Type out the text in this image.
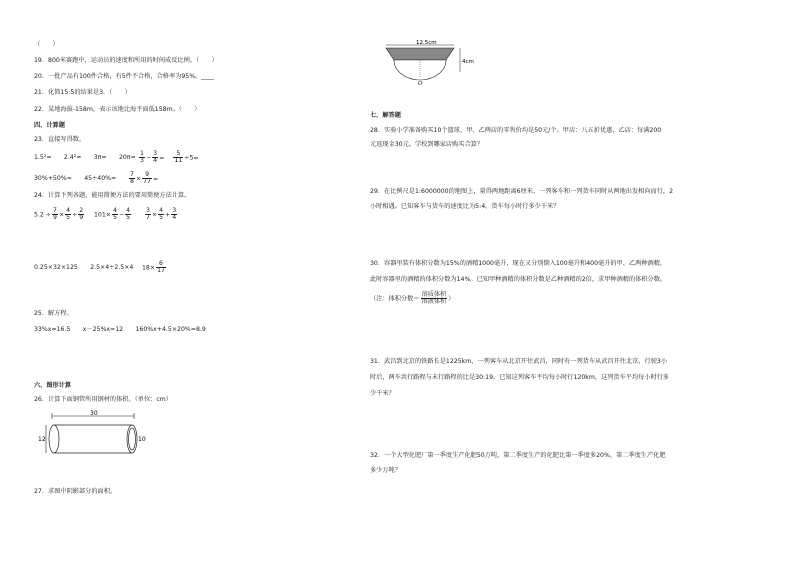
（　　）
19．800米赛跑中，运动员的速度和所用的时间成反比例。（　　）
20．一批产品有100件合格，有5件不合格，合格率为95%。____
21．化简15:5的结果是3．（　　）
22．某地海拔-158m，表示该地比海平面低158m。（　　）
四、计算题
23．直接写得数。
1.5²=　　2.4²=　　3π=　　$20\pi= \frac{1}{3} - \frac{3}{4}$ =　 $\frac{5}{11} \div 5=$
30%+50%=　　$45\div 40\%= \frac{7}{8} \times \frac{9}{77}$ =
24．计算下列各题，能用简便方法的要用简便方法计算。
$5.2 \div \frac{7}{9} \times \frac{4}{5} \div \frac{2}{9} 101\times \frac{4}{5} - \frac{4}{5} \frac{3}{7} \times \frac{4}{5} + \frac{3}{4}$
0.25×32×125　　2.5×4÷2.5×4 $18\times \frac{6}{17}$
25．解方程。
33%x=16.5　　x－25%x=12　　160%x+4.5×20%=8.9
六、图形计算
26．计算下面钢管所用钢材的体积。（单位：cm）
30
12	10
27．求图中阴影部分的面积。
12.5cm
O
4cm
七、解答题
28．实验小学准备购买10个篮球，甲、乙两店的零售价均是50元/个。甲店：八五折优惠，乙店：每满200
元返现金30元。学校到哪家店购买合算？
29．在比例尺是1:6000000的地图上，量得两地距离6厘米，一列客车和一列货车同时从两地出发相向而行，2
小时相遇。已知客车与货车的速度比为5:4，货车每小时行多少千米？
30．容器里装有体积分数为15%的酒精1000毫升，现在又分别倒入100毫升和400毫升的甲、乙两种酒精，
此时容器里的酒精的体积分数为14%。已知甲种酒精的体积分数是乙种酒精的2倍，求甲种酒精的体积分数。
（注：体积分数＝ $\frac{\text{溶质体积}}{\text{溶液体积}}$ ）
31．武昌到北京的铁路长是1225km，一列客车从北京开往武昌，同时有一列货车从武昌开往北京，行驶3小
时后，两车共行路程与未行路程的比是30:19。已知这列客车平均每小时行120km，这列货车平均每小时行多
少千米？
32．一个大型化肥厂第一季度生产化肥50万吨，第二季度生产的化肥比第一季度多20%，第二季度生产化肥
多少万吨？
